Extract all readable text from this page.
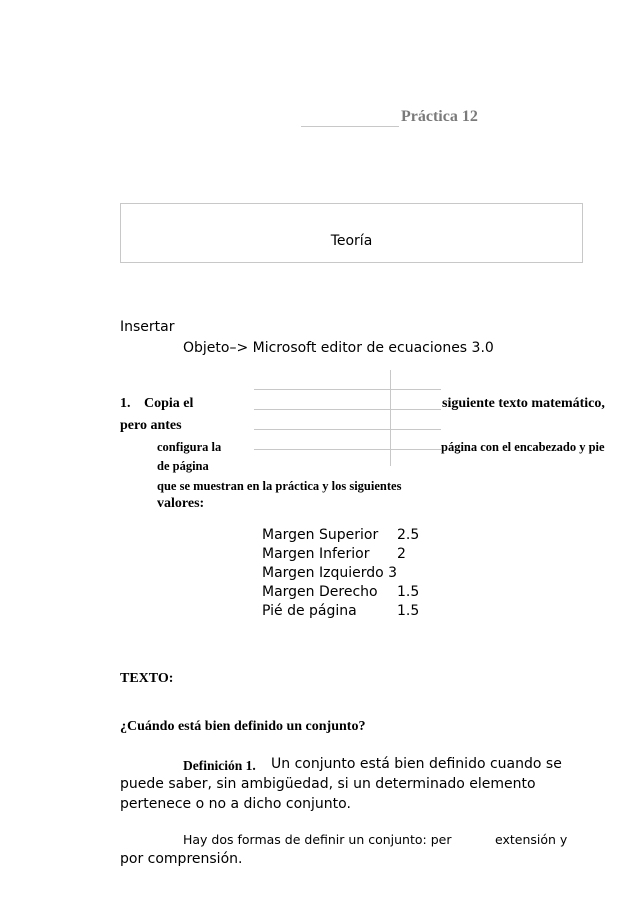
Práctica 12
Teoría
Insertar
Objeto–> Microsoft editor de ecuaciones 3.0
1. Copia el	siguiente texto matemático,
pero antes
configura la	página con el encabezado y pie
de página
que se muestran en la práctica y los siguientes
valores:
Margen Superior 2.5
Margen Inferior 2
Margen Izquierdo 3
Margen Derecho 1.5
Pié de página	1.5
TEXTO:
¿Cuándo está bien definido un conjunto?
Definición 1. Un conjunto está bien definido cuando se
puede saber, sin ambigüedad, si un determinado elemento
pertenece o no a dicho conjunto.
Hay dos formas de definir un conjunto: per	extensión y
por comprensión.
